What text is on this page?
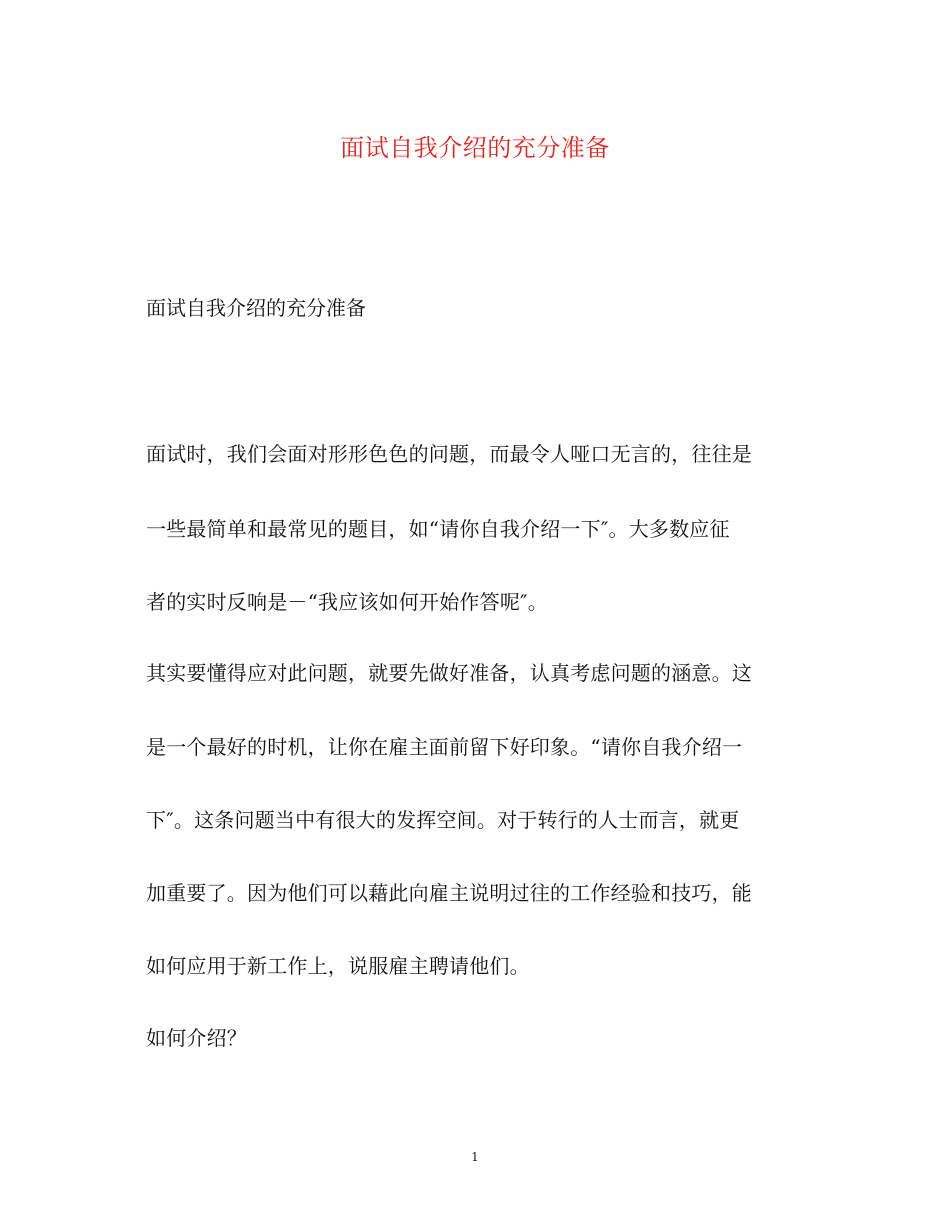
面试自我介绍的充分准备
面试自我介绍的充分准备
面试时，我们会面对形形色色的问题，而最令人哑口无言的，往往是
一些最简单和最常见的题目，如“请你自我介绍一下″。大多数应征
者的实时反响是－“我应该如何开始作答呢″。
其实要懂得应对此问题，就要先做好准备，认真考虑问题的涵意。这
是一个最好的时机，让你在雇主面前留下好印象。“请你自我介绍一
下″。这条问题当中有很大的发挥空间。对于转行的人士而言，就更
加重要了。因为他们可以藉此向雇主说明过往的工作经验和技巧，能
如何应用于新工作上，说服雇主聘请他们。
如何介绍？
1
